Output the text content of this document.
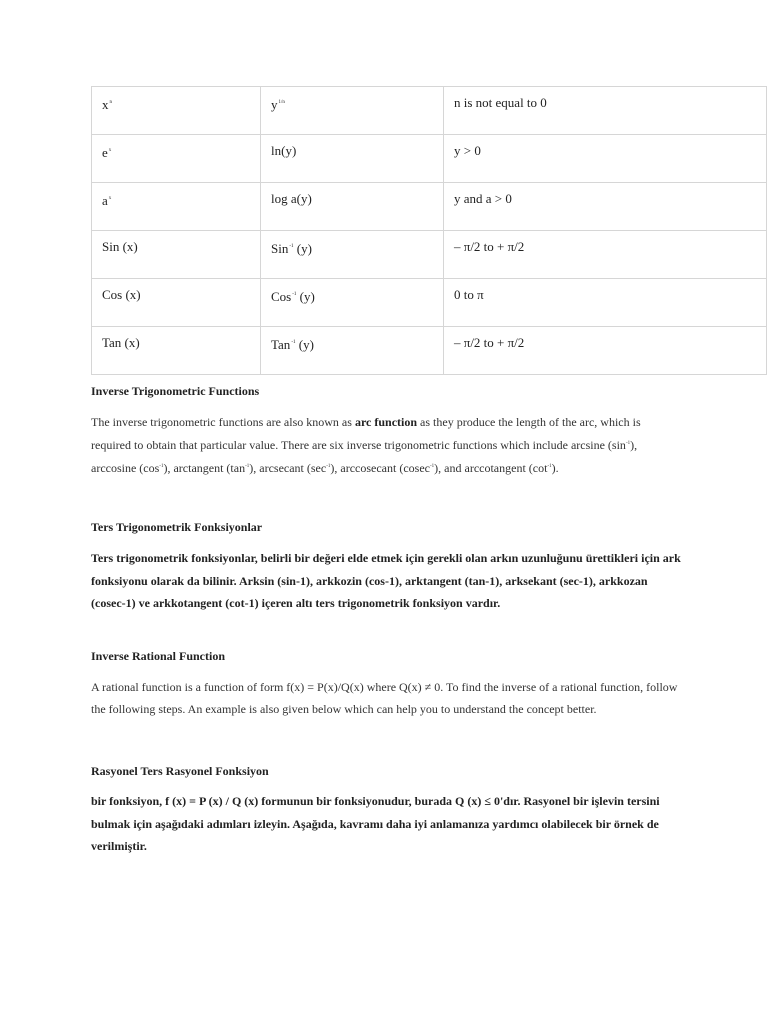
$x^n$	$y^{1/n}$	n is not equal to 0
$e^x$	ln(y)	y > 0
$a^x$	log a(y)	y and a > 0
Sin (x)	Sin$^{-1}$ (y)	– π/2 to + π/2
Cos (x)	Cos$^{-1}$ (y)	0 to π
Tan (x)	Tan$^{-1}$ (y)	– π/2 to + π/2
Inverse Trigonometric Functions
The inverse trigonometric functions are also known as arc function as they produce the length of the arc, which is required to obtain that particular value. There are six inverse trigonometric functions which include arcsine $(\sin^{-1})$, arccosine $(\cos^{-1})$, arctangent $(\tan^{-1})$, arcsecant $(\sec^{-1})$, arccosecant (cosec$^{-1}$), and arccotangent $(\cot^{-1})$.
Ters Trigonometrik Fonksiyonlar
Ters trigonometrik fonksiyonlar, belirli bir değeri elde etmek için gerekli olan arkın uzunluğunu ürettikleri için ark fonksiyonu olarak da bilinir. Arksin (sin-1), arkkozin (cos-1), arktangent (tan-1), arksekant (sec-1), arkkozan (cosec-1) ve arkkotangent (cot-1) içeren altı ters trigonometrik fonksiyon vardır.
Inverse Rational Function
A rational function is a function of form f(x) = P(x)/Q(x) where Q(x) ≠ 0. To find the inverse of a rational function, follow the following steps. An example is also given below which can help you to understand the concept better.
Rasyonel Ters Rasyonel Fonksiyon
bir fonksiyon, f (x) = P (x) / Q (x) formunun bir fonksiyonudur, burada Q (x) ≤ 0'dır. Rasyonel bir işlevin tersini bulmak için aşağıdaki adımları izleyin. Aşağıda, kavramı daha iyi anlamanıza yardımcı olabilecek bir örnek de verilmiştir.
